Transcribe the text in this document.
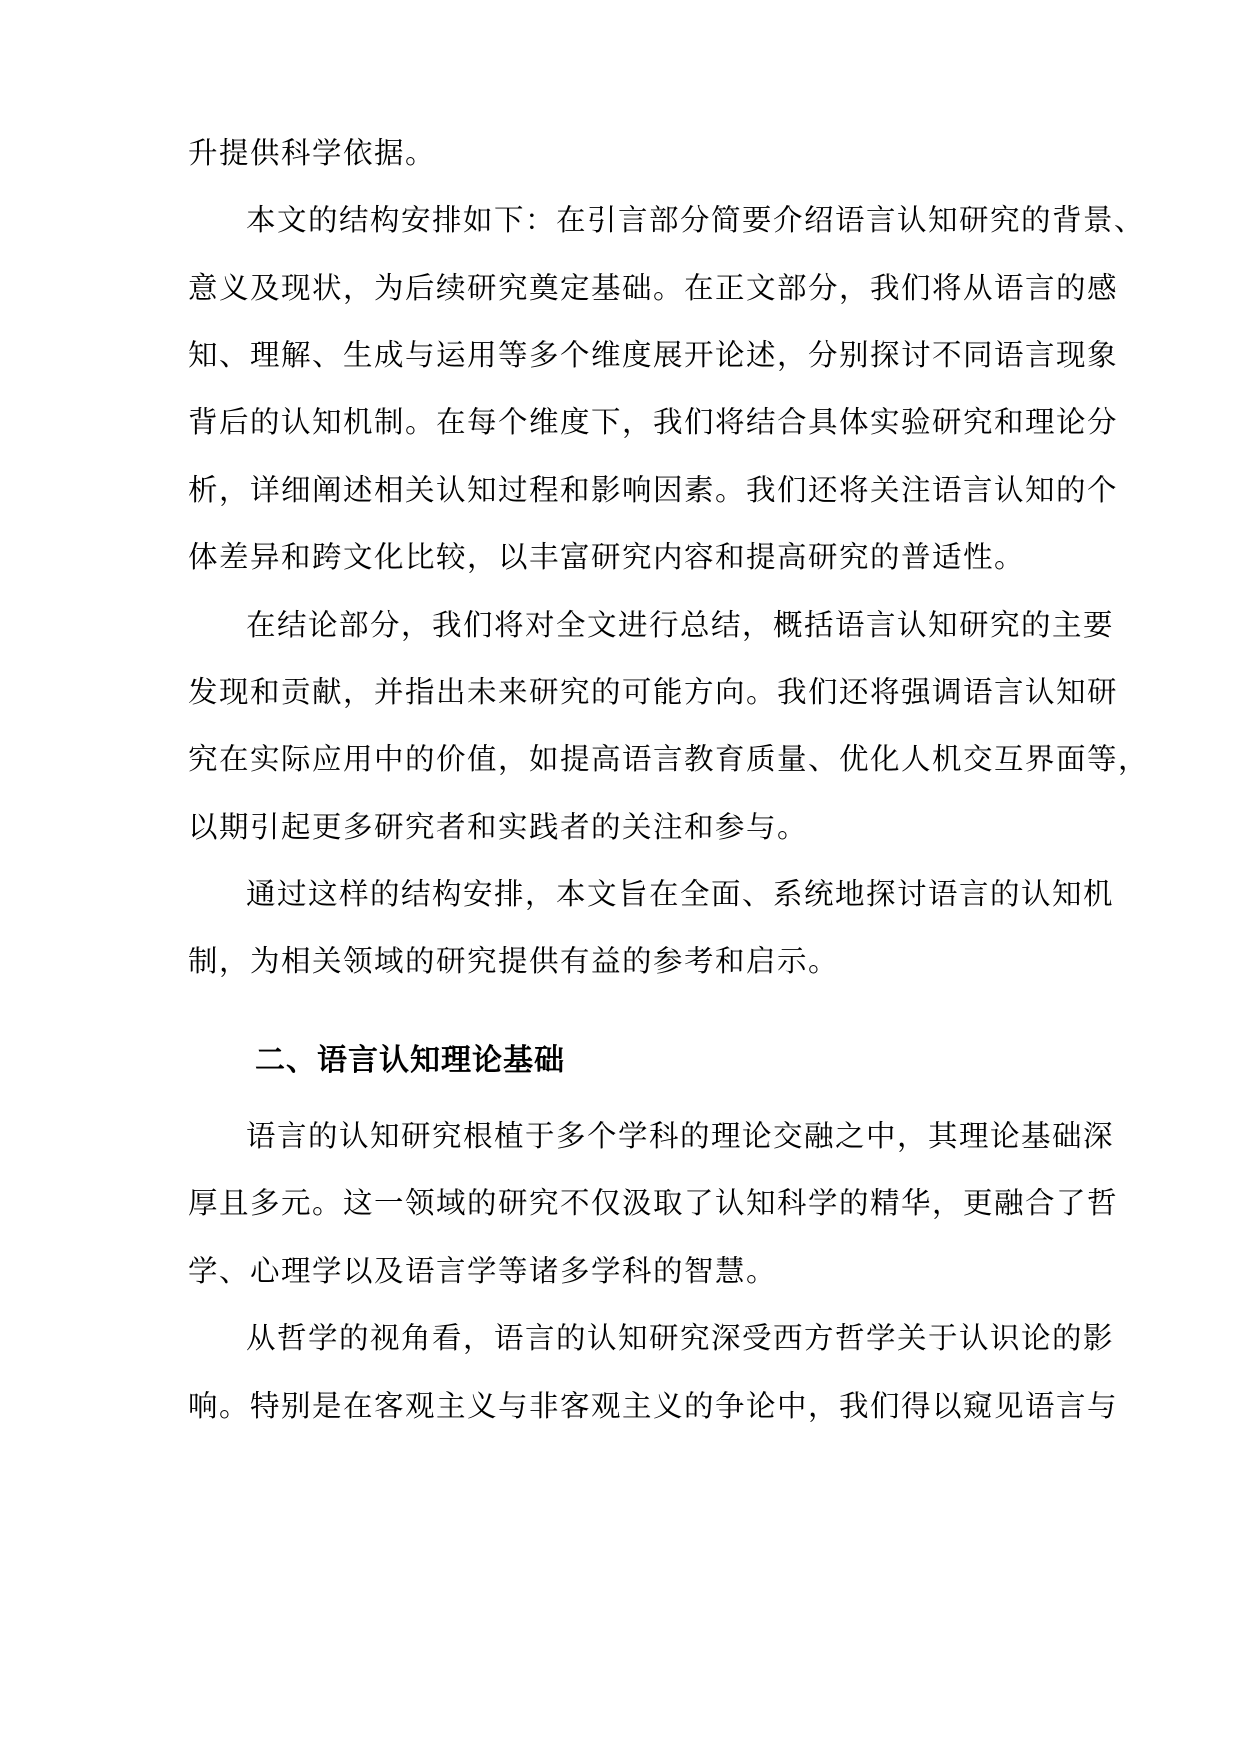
升提供科学依据。
本文的结构安排如下：在引言部分简要介绍语言认知研究的背景、
意义及现状，为后续研究奠定基础。在正文部分，我们将从语言的感
知、理解、生成与运用等多个维度展开论述，分别探讨不同语言现象
背后的认知机制。在每个维度下，我们将结合具体实验研究和理论分
析，详细阐述相关认知过程和影响因素。我们还将关注语言认知的个
体差异和跨文化比较，以丰富研究内容和提高研究的普适性。
在结论部分，我们将对全文进行总结，概括语言认知研究的主要
发现和贡献，并指出未来研究的可能方向。我们还将强调语言认知研
究在实际应用中的价值，如提高语言教育质量、优化人机交互界面等，
以期引起更多研究者和实践者的关注和参与。
通过这样的结构安排，本文旨在全面、系统地探讨语言的认知机
制，为相关领域的研究提供有益的参考和启示。
二、语言认知理论基础
语言的认知研究根植于多个学科的理论交融之中，其理论基础深
厚且多元。这一领域的研究不仅汲取了认知科学的精华，更融合了哲
学、心理学以及语言学等诸多学科的智慧。
从哲学的视角看，语言的认知研究深受西方哲学关于认识论的影
响。特别是在客观主义与非客观主义的争论中，我们得以窥见语言与
